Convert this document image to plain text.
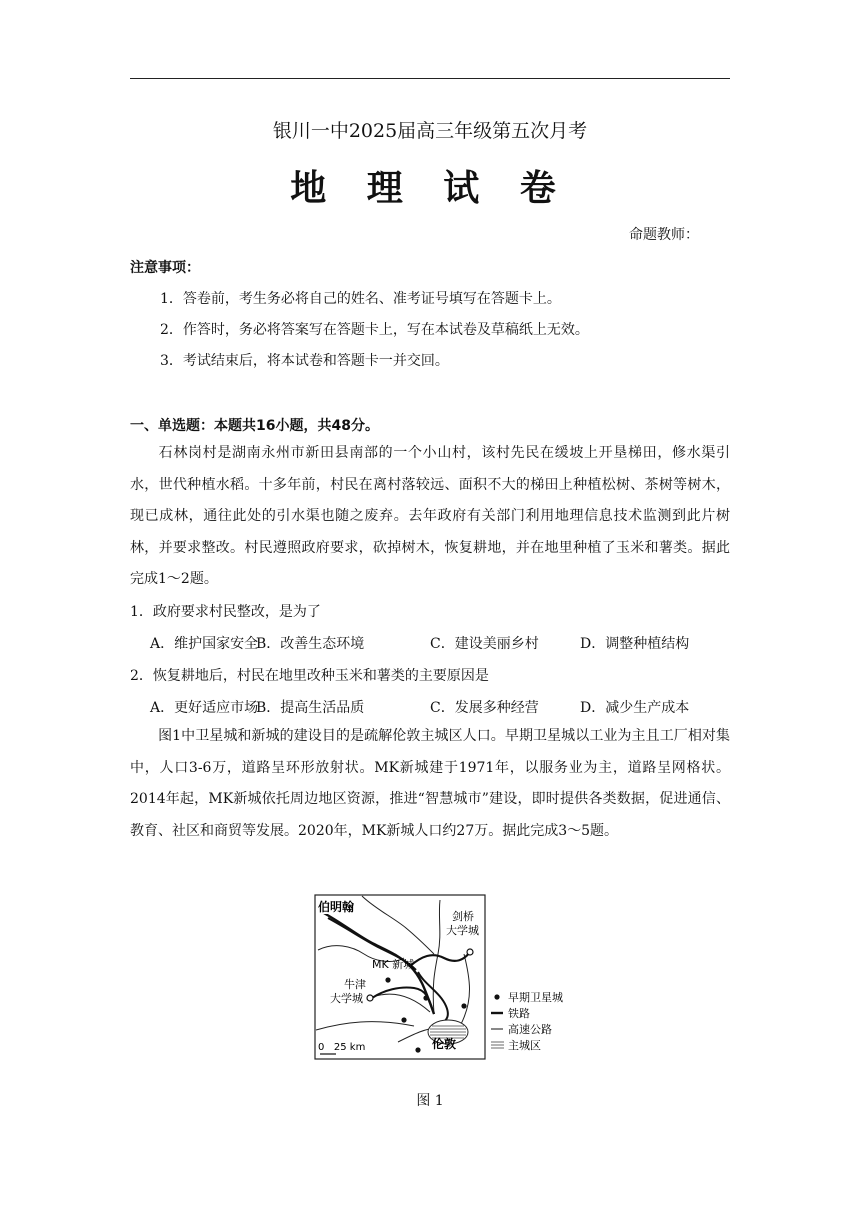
银川一中2025届高三年级第五次月考
地 理 试 卷
命题教师：
注意事项：
1．答卷前，考生务必将自己的姓名、准考证号填写在答题卡上。
2．作答时，务必将答案写在答题卡上，写在本试卷及草稿纸上无效。
3．考试结束后，将本试卷和答题卡一并交回。
一、单选题：本题共16小题，共48分。

石林岗村是湖南永州市新田县南部的一个小山村，该村先民在缓坡上开垦梯田，修水渠引水，世代种植水稻。十多年前，村民在离村落较远、面积不大的梯田上种植松树、茶树等树木，现已成林，通往此处的引水渠也随之废弃。去年政府有关部门利用地理信息技术监测到此片树林，并要求整改。村民遵照政府要求，砍掉树木，恢复耕地，并在地里种植了玉米和薯类。据此完成1～2题。

1．政府要求村民整改，是为了
A．维护国家安全
B．改善生态环境	C．建设美丽乡村	D．调整种植结构
2．恢复耕地后，村民在地里改种玉米和薯类的主要原因是
A．更好适应市场
B．提高生活品质	C．发展多种经营	D．减少生产成本

图1中卫星城和新城的建设目的是疏解伦敦主城区人口。早期卫星城以工业为主且工厂相对集中，人口3-6万，道路呈环形放射状。MK新城建于1971年，以服务业为主，道路呈网格状。2014年起，MK新城依托周边地区资源，推进“智慧城市”建设，即时提供各类数据，促进通信、教育、社区和商贸等发展。2020年，MK新城人口约27万。据此完成3～5题。

伯明翰
剑桥
大学城
MK 新城
牛津
大学城
伦敦
0   25 km
早期卫星城
铁路
高速公路
主城区
图 1
